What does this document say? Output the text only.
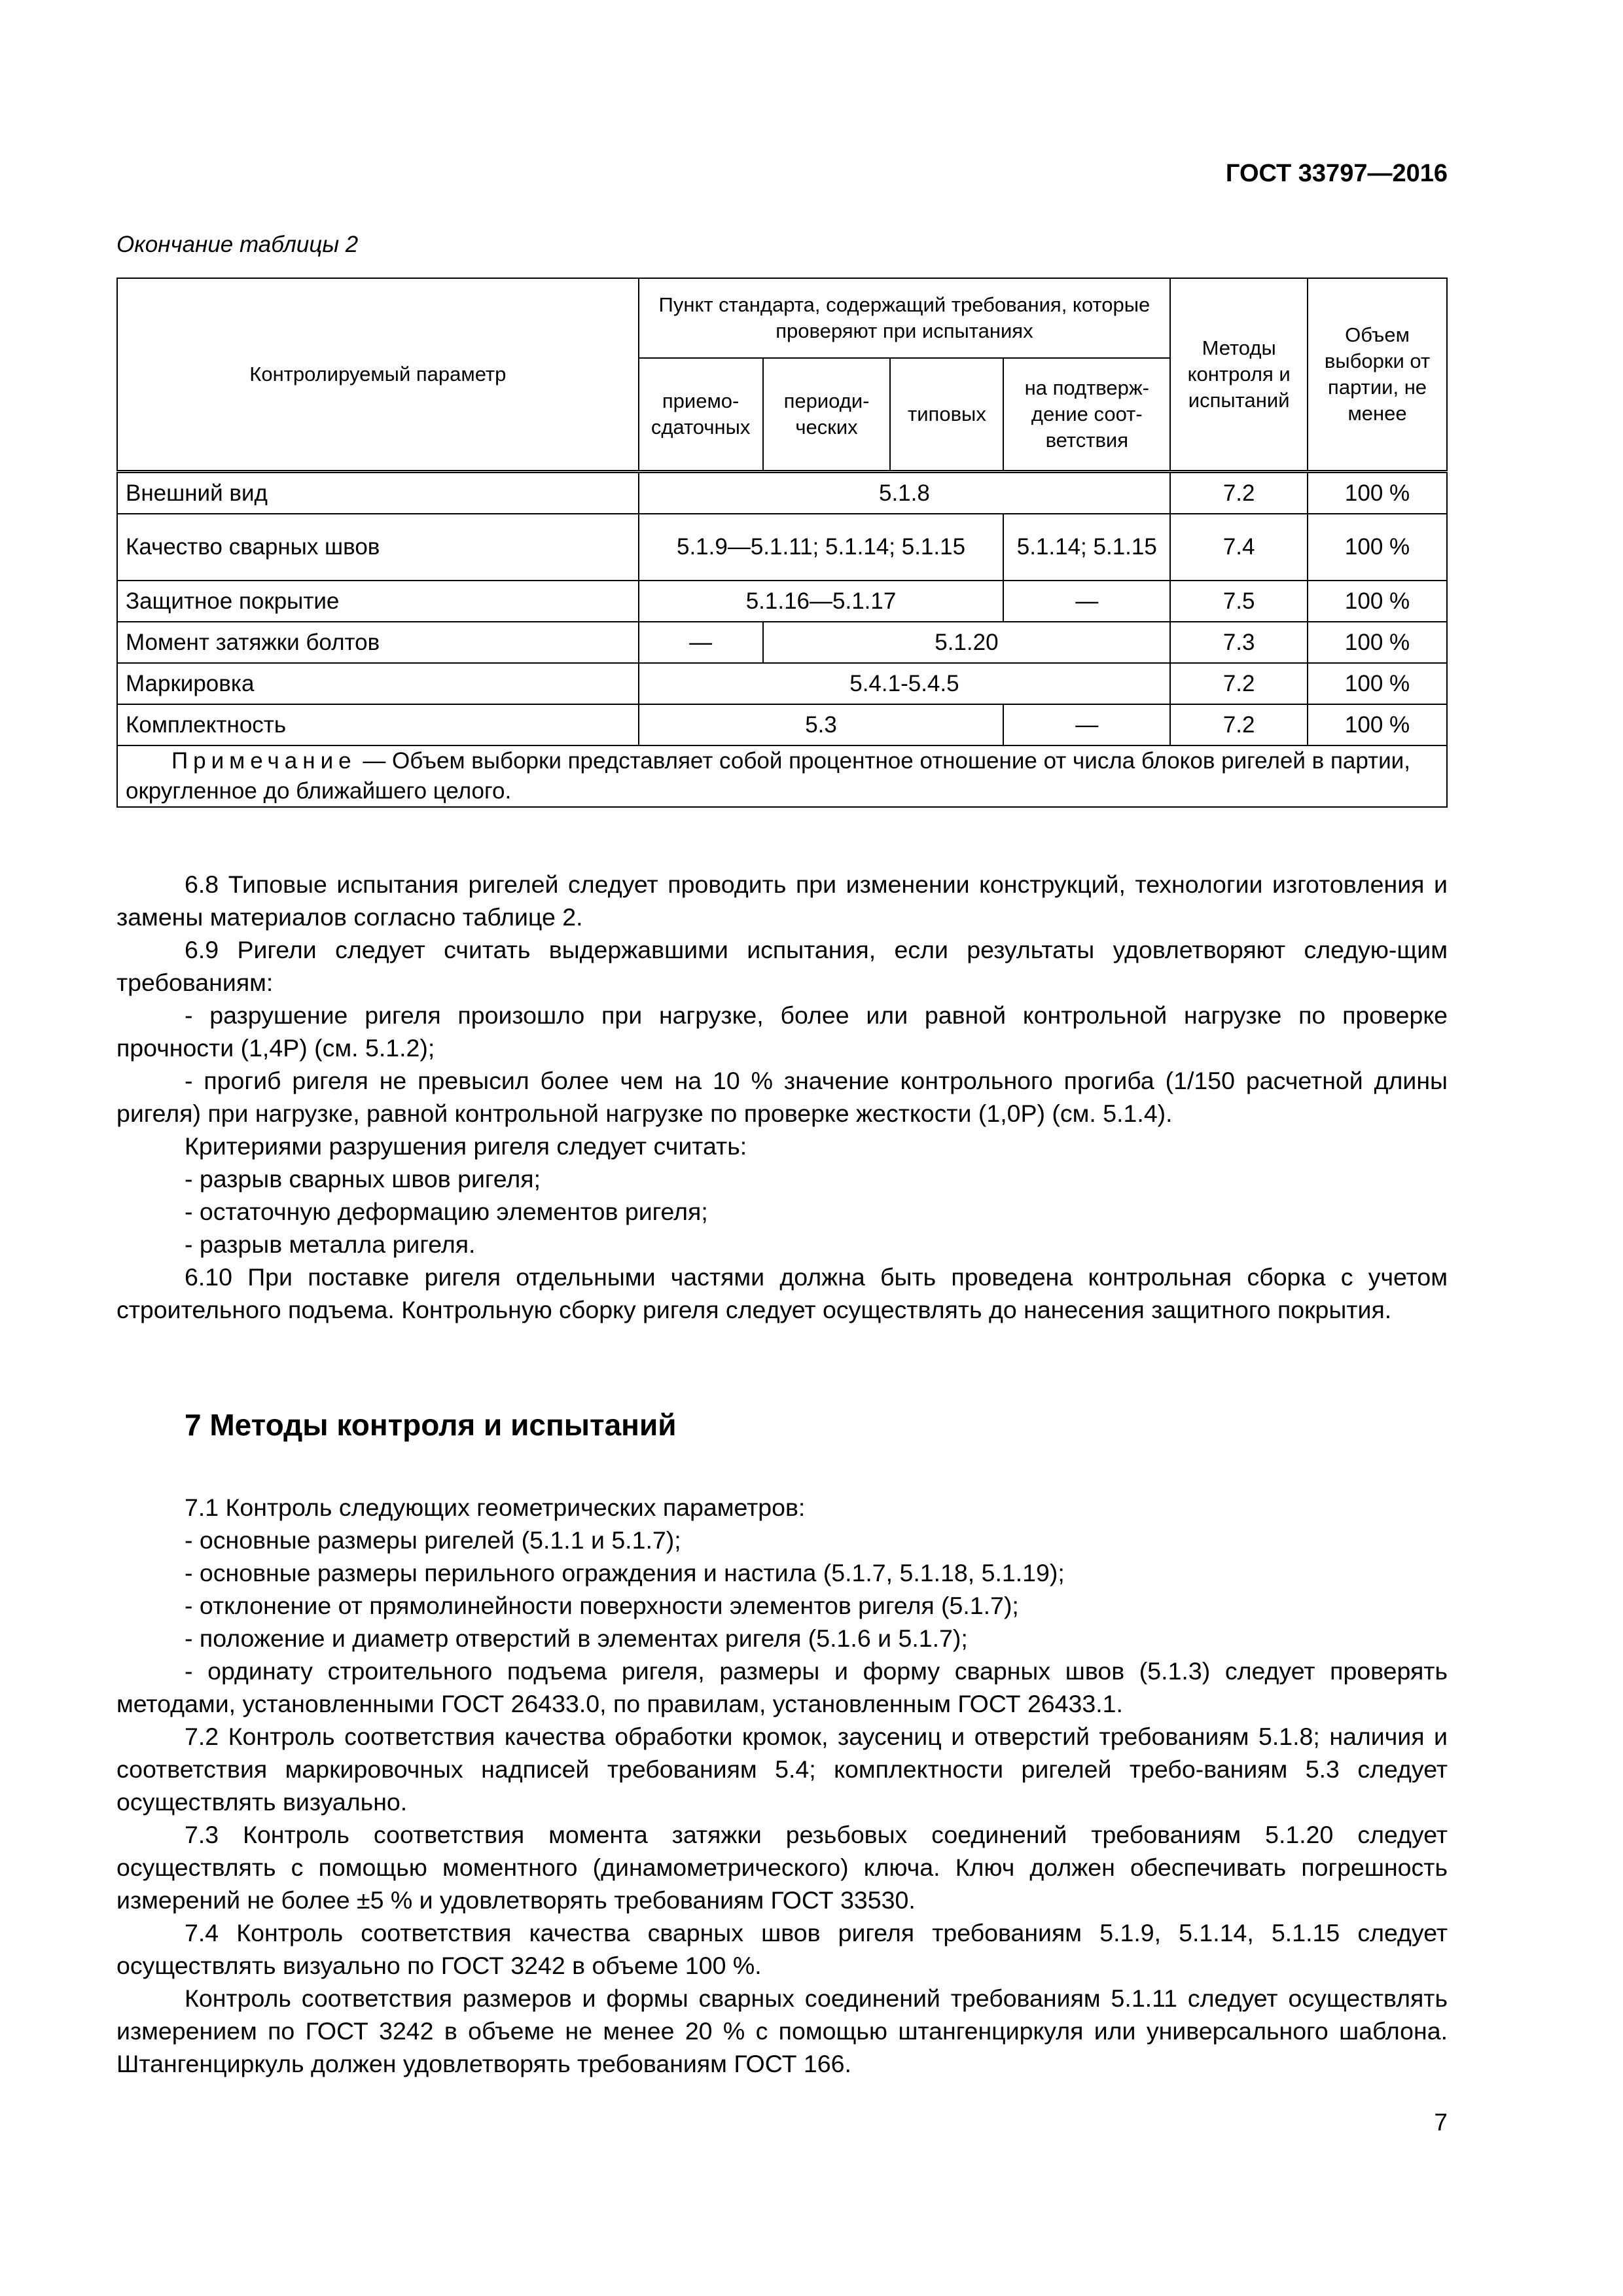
ГОСТ 33797—2016
Окончание таблицы 2
Контролируемый параметр	Пункт стандарта, содержащий требования, которые проверяют при испытаниях				Методы контроля и испытаний	Объем выборки от партии, не менее
	приемо-сдаточных	периоди-ческих	типовых	на подтверж-дение соот-ветствия		
Внешний вид	5.1.8				7.2	100 %
Качество сварных швов	5.1.9—5.1.11; 5.1.14; 5.1.15			5.1.14; 5.1.15	7.4	100 %
Защитное покрытие	5.1.16—5.1.17			—	7.5	100 %
Момент затяжки болтов	—	5.1.20			7.3	100 %
Маркировка	5.4.1-5.4.5				7.2	100 %
Комплектность	5.3			—	7.2	100 %
Примечание — Объем выборки представляет собой процентное отношение от числа блоков ригелей в партии, округленное до ближайшего целого.						

6.8 Типовые испытания ригелей следует проводить при изменении конструкций, технологии изготовления и замены материалов согласно таблице 2.

6.9 Ригели следует считать выдержавшими испытания, если результаты удовлетворяют следую-щим требованиям:

- разрушение ригеля произошло при нагрузке, более или равной контрольной нагрузке по проверке прочности (1,4P) (см. 5.1.2);

- прогиб ригеля не превысил более чем на 10 % значение контрольного прогиба (1/150 расчетной длины ригеля) при нагрузке, равной контрольной нагрузке по проверке жесткости (1,0P) (см. 5.1.4).

Критериями разрушения ригеля следует считать:

- разрыв сварных швов ригеля;

- остаточную деформацию элементов ригеля;

- разрыв металла ригеля.

6.10 При поставке ригеля отдельными частями должна быть проведена контрольная сборка с учетом строительного подъема. Контрольную сборку ригеля следует осуществлять до нанесения защитного покрытия.

7 Методы контроля и испытаний

7.1 Контроль следующих геометрических параметров:

- основные размеры ригелей (5.1.1 и 5.1.7);

- основные размеры перильного ограждения и настила (5.1.7, 5.1.18, 5.1.19);

- отклонение от прямолинейности поверхности элементов ригеля (5.1.7);

- положение и диаметр отверстий в элементах ригеля (5.1.6 и 5.1.7);

- ординату строительного подъема ригеля, размеры и форму сварных швов (5.1.3) следует проверять методами, установленными ГОСТ 26433.0, по правилам, установленным ГОСТ 26433.1.

7.2 Контроль соответствия качества обработки кромок, заусениц и отверстий требованиям 5.1.8; наличия и соответствия маркировочных надписей требованиям 5.4; комплектности ригелей требо-ваниям 5.3 следует осуществлять визуально.

7.3 Контроль соответствия момента затяжки резьбовых соединений требованиям 5.1.20 следует осуществлять с помощью моментного (динамометрического) ключа. Ключ должен обеспечивать погрешность измерений не более ±5 % и удовлетворять требованиям ГОСТ 33530.

7.4 Контроль соответствия качества сварных швов ригеля требованиям 5.1.9, 5.1.14, 5.1.15 следует осуществлять визуально по ГОСТ 3242 в объеме 100 %.

Контроль соответствия размеров и формы сварных соединений требованиям 5.1.11 следует осуществлять измерением по ГОСТ 3242 в объеме не менее 20 % с помощью штангенциркуля или универсального шаблона. Штангенциркуль должен удовлетворять требованиям ГОСТ 166.

7
